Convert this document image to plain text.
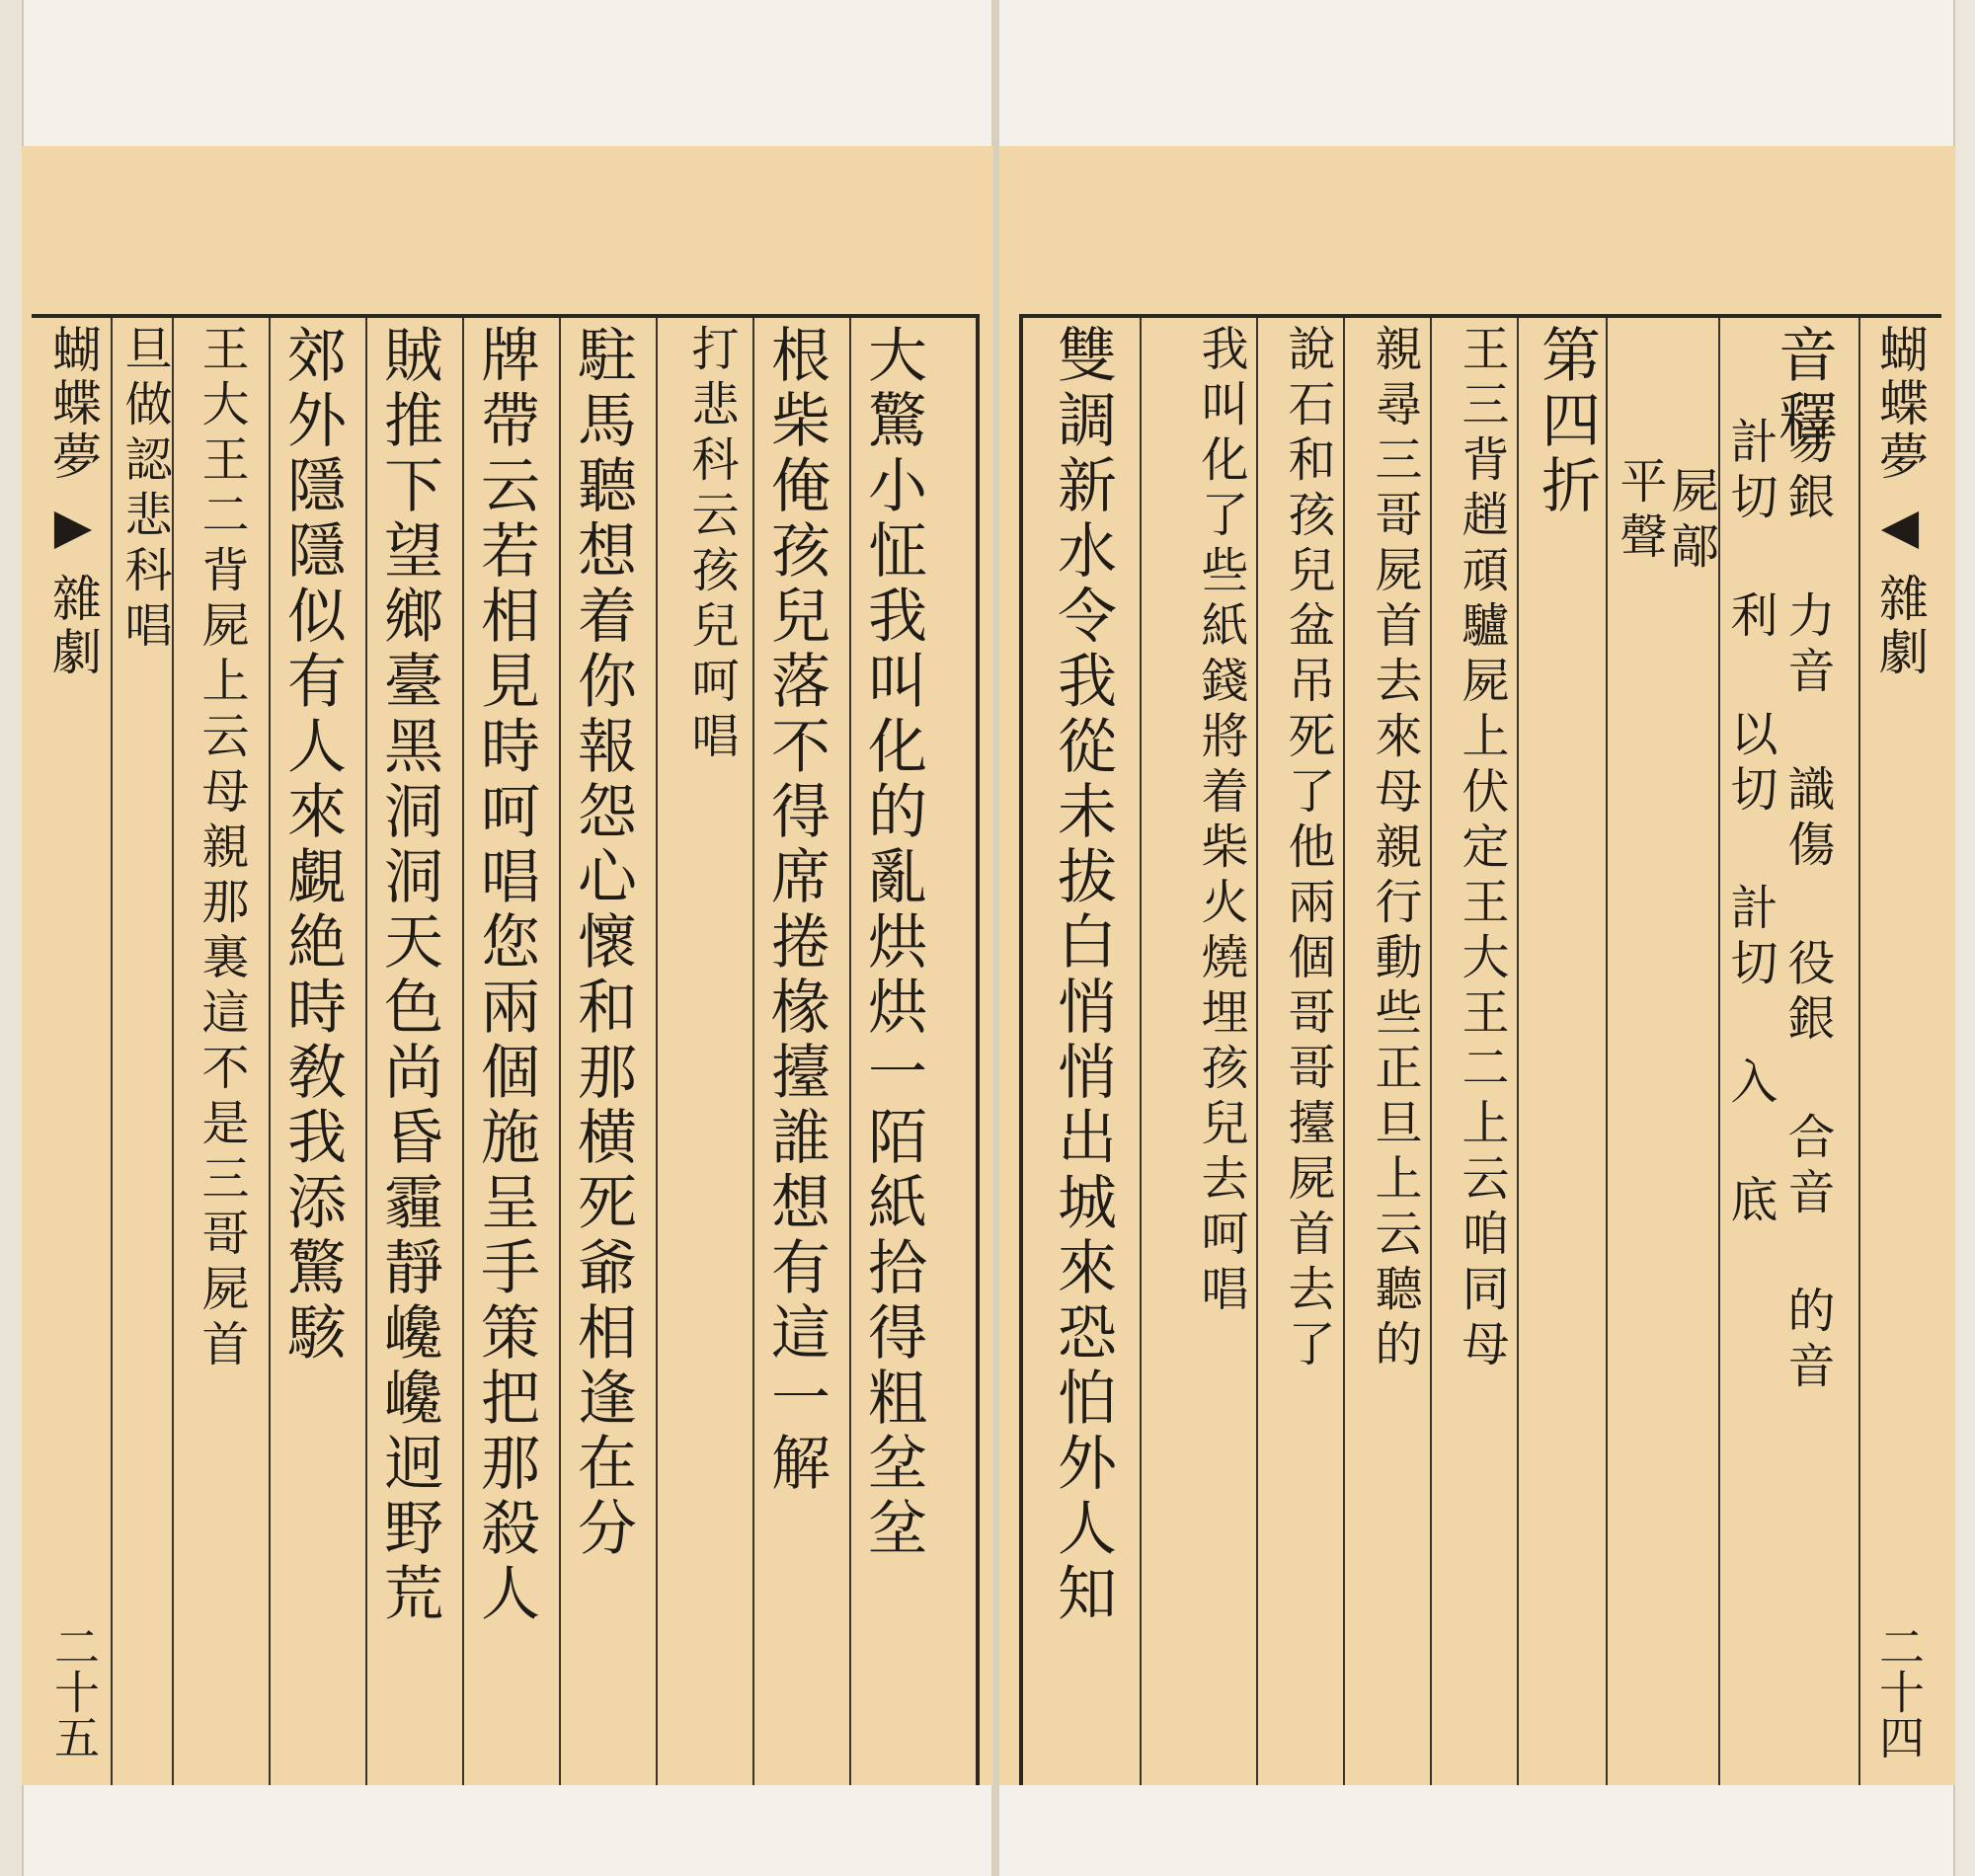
蝴蝶夢▶雜劇
二十五
大驚小怔我叫化的亂烘烘一陌紙拾得粗坌坌
根柴俺孩兒落不得席捲椽擡誰想有這一解
打悲科云孩兒呵唱
駐馬聽想着你報怨心懷和那横死爺相逢在分
牌帶云若相見時呵唱您兩個施呈手策把那殺人
賊推下望鄉臺黑洞洞天色尚昏霾靜巉巉迥野荒
郊外隱隱似有人來覷絶時敎我添驚駭
王大王二背屍上云母親那裏這不是三哥屍首
旦做認悲科唱	蝴蝶夢◀雜劇
二十四
音釋
易銀 力音 識傷 役銀 合音 的音
計切 利 以切 計切 入 底
屍鄗
平聲
第四折
王三背趙頑驢屍上伏定王大王二上云咱同母
親尋三哥屍首去來母親行動些正旦上云聽的
說石和孩兒盆吊死了他兩個哥哥擡屍首去了
我叫化了些紙錢將着柴火燒埋孩兒去呵唱
雙調新水令我從未拔白悄悄出城來恐怕外人知
